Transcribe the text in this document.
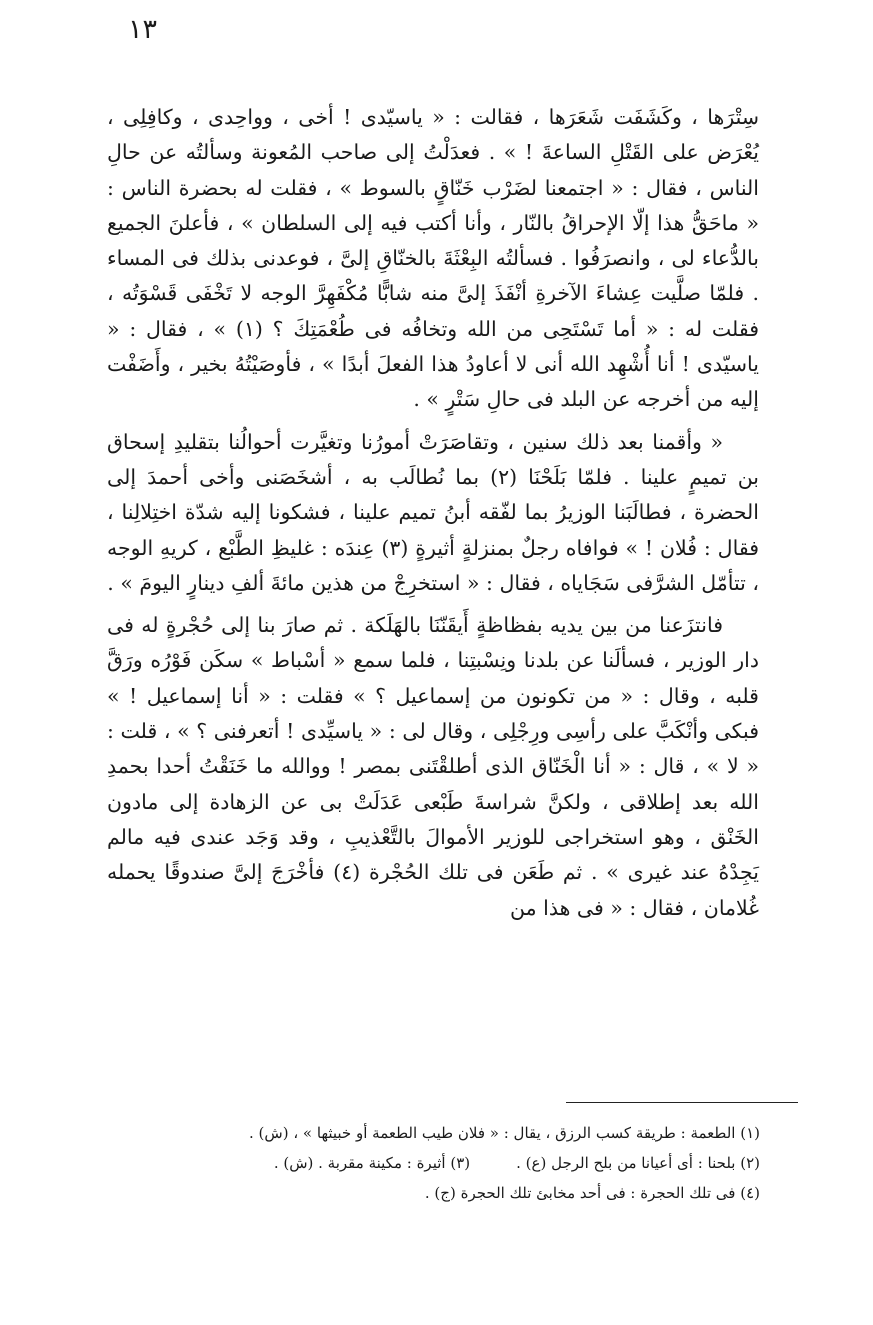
١٣

سِتْرَها ، وكَشَفَت شَعَرَها ، فقالت : « ياسيّدى ! أخى ، وواحِدى ، وكافِلِى ، يُعْرَض على القَتْلِ الساعةَ ! » . فعدَلْتُ إلى صاحب المُعونة وسألتُه عن حالِ الناس ، فقال : « اجتمعنا لضَرْب خَنّاقٍ بالسوط » ، فقلت له بحضرة الناس : « ماحَقُّ هذا إلّا الإحراقُ بالنّار ، وأنا أكتب فيه إلى السلطان » ، فأعلنَ الجميع بالدُّعاء لى ، وانصرَفُوا . فسألتُه البِعْثَةَ بالخنّاقِ إلىَّ ، فوعدنى بذلك فى المساء . فلمّا صلَّيت عِشاءَ الآخرةِ أنْفَذَ إلىَّ منه شابًّا مُكْفَهِرَّ الوجه لا تَخْفَى قَسْوَتُه ، فقلت له : « أما تَسْتَحِى من الله وتخافُه فى طُعْمَتِكَ ؟ (١) » ، فقال : « ياسيّدى ! أنا أُشْهِد الله أنى لا أعاودُ هذا الفعلَ أبدًا » ، فأوصَيْتُهُ بخير ، وأَضَفْت إليه من أخرجه عن البلد فى حالِ سَتْرٍ » .

« وأقمنا بعد ذلك سنين ، وتقاصَرَتْ أمورُنا وتغيَّرت أحوالُنا بتقليدِ إسحاق بن تميمٍ علينا . فلمّا بَلَحْنَا (٢) بما نُطالَب به ، أشخَصَنى وأخى أحمدَ إلى الحضرة ، فطالَبَنا الوزيرُ بما لفّقه أبنُ تميم علينا ، فشكونا إليه شدّة اختِلالِنا ، فقال : فُلان ! » فوافاه رجلٌ بمنزلةٍ أثيرةٍ (٣) عِندَه : غليظِ الطَّبْع ، كريهِ الوجه ، تتأمّل الشرَّفى سَجَاياه ، فقال : « استخرِجْ من هذين مائةَ ألفِ دينارٍ اليومَ » .

فانتزَعنا من بين يديه بفظاظةٍ أَيقَنّنَا بالهَلَكة . ثم صارَ بنا إلى حُجْرةٍ له فى دار الوزير ، فسألَنا عن بلدنا ونِسْبتِنا ، فلما سمع « أسْباط » سكَن فَوْرُه ورَقَّ قلبه ، وقال : « من تكونون من إسماعيل ؟ » فقلت : « أنا إسماعيل ! » فبكى وأنْكَبَّ على رأسِى ورِجْلِى ، وقال لى : « ياسيِّدى ! أتعرفنى ؟ » ، قلت : « لا » ، قال : « أنا الْخَنّاق الذى أطلقْتَنى بمصر ! ووالله ما خَنَقْتُ أحدا بحمدِ الله بعد إطلاقى ، ولكنَّ شراسةَ طَبْعى عَدَلَتْ بى عن الزهادة إلى مادون الخَنْق ، وهو استخراجى للوزير الأموالَ بالتَّعْذيبِ ، وقد وَجَد عندى فيه مالم يَجِدْهُ عند غيرى » . ثم طَعَن فى تلك الحُجْرة (٤) فأخْرَجَ إلىَّ صندوقًا يحمله غُلامان ، فقال : « فى هذا من

(١) الطعمة : طريقة كسب الرزق ، يقال : « فلان طيب الطعمة أو خبيثها » ، (ش) .
(٢) بلحنا : أى أعيانا من بلح الرجل (ع) .(٣) أثيرة : مكينة مقربة . (ش) .
(٤) فى تلك الحجرة : فى أحد مخابئ تلك الحجرة (ج) .
